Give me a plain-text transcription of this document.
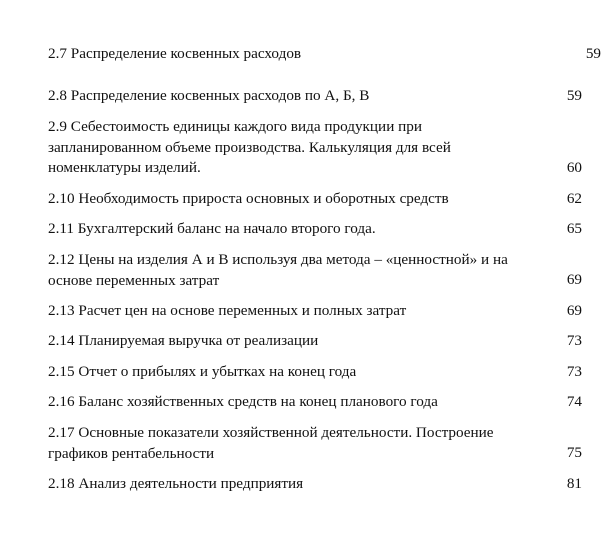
2.7 Распределение косвенных расходов	59
2.8 Распределение косвенных расходов по А, Б, В	59
2.9 Себестоимость единицы каждого вида продукции при
запланированном объеме производства. Калькуляция для всей
номенклатуры изделий.	60
2.10 Необходимость прироста основных и оборотных средств	62
2.11 Бухгалтерский баланс на начало второго года.	65
2.12 Цены на изделия А и В используя два метода – «ценностной» и на
основе переменных затрат	69
2.13 Расчет цен на основе переменных и полных затрат	69
2.14 Планируемая выручка от реализации	73
2.15 Отчет о прибылях и убытках на конец года	73
2.16 Баланс хозяйственных средств на конец планового года	74
2.17 Основные показатели хозяйственной деятельности. Построение
графиков рентабельности	75
2.18 Анализ деятельности предприятия	81
